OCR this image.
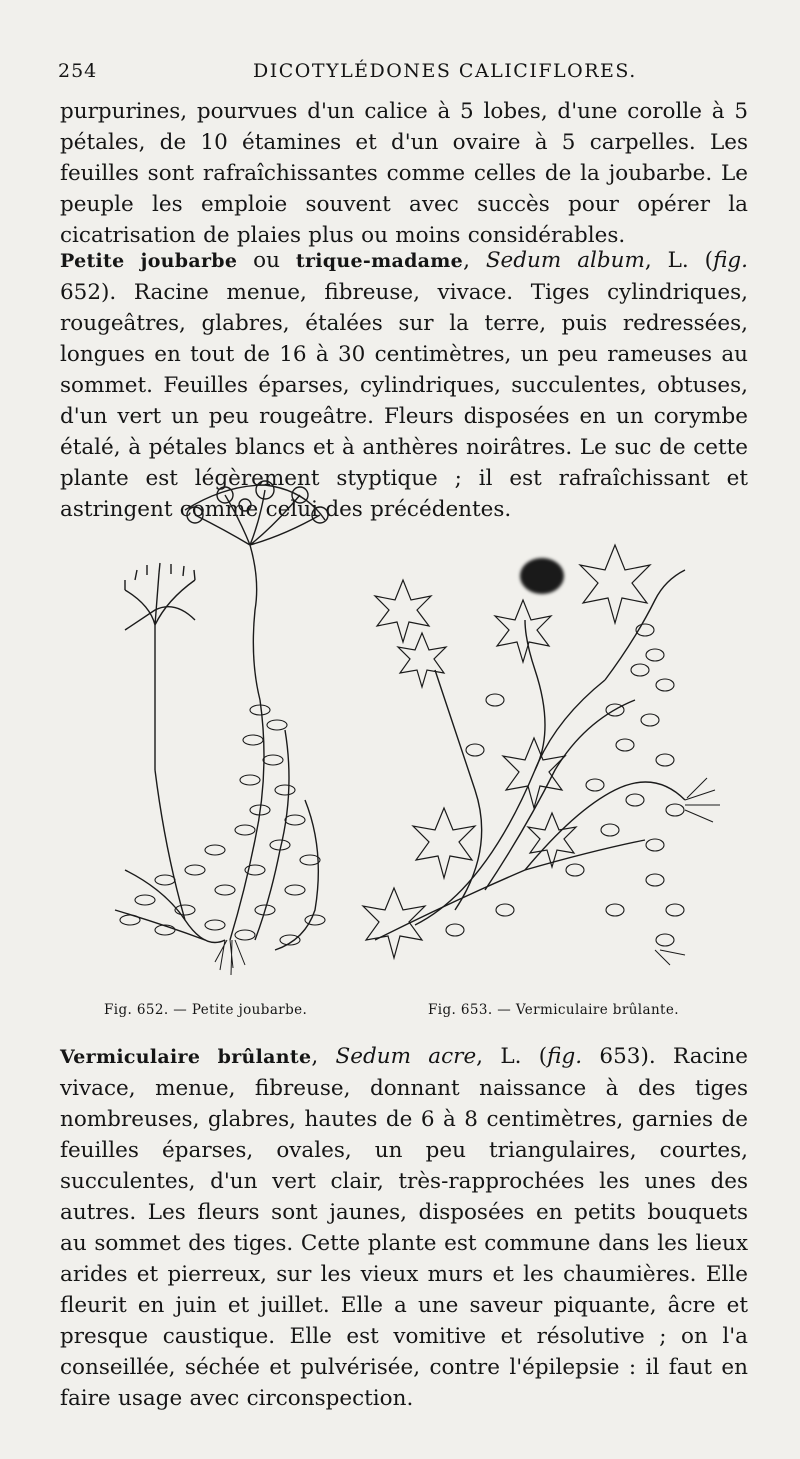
254	DICOTYLÉDONES CALICIFLORES.
purpurines, pourvues d'un calice à 5 lobes, d'une corolle à 5 pétales, de 10 étamines et d'un ovaire à 5 carpelles. Les feuilles sont rafraîchissantes comme celles de la joubarbe. Le peuple les emploie souvent avec succès pour opérer la cicatrisation de plaies plus ou moins considérables.
Petite joubarbe ou trique-madame, Sedum album, L. (fig. 652). Racine menue, fibreuse, vivace. Tiges cylindriques, rougeâtres, glabres, étalées sur la terre, puis redressées, longues en tout de 16 à 30 centimètres, un peu rameuses au sommet. Feuilles éparses, cylindriques, succulentes, obtuses, d'un vert un peu rougeâtre. Fleurs disposées en un corymbe étalé, à pétales blancs et à anthères noirâtres. Le suc de cette plante est légèrement styptique ; il est rafraîchissant et astringent comme celui des précédentes.
Fig. 652. — Petite joubarbe.	Fig. 653. — Vermiculaire brûlante.
Vermiculaire brûlante, Sedum acre, L. (fig. 653). Racine vivace, menue, fibreuse, donnant naissance à des tiges nombreuses, glabres, hautes de 6 à 8 centimètres, garnies de feuilles éparses, ovales, un peu triangulaires, courtes, succulentes, d'un vert clair, très-rapprochées les unes des autres. Les fleurs sont jaunes, disposées en petits bouquets au sommet des tiges. Cette plante est commune dans les lieux arides et pierreux, sur les vieux murs et les chaumières. Elle fleurit en juin et juillet. Elle a une saveur piquante, âcre et presque caustique. Elle est vomitive et résolutive ; on l'a conseillée, séchée et pulvérisée, contre l'épilepsie : il faut en faire usage avec circonspection.
